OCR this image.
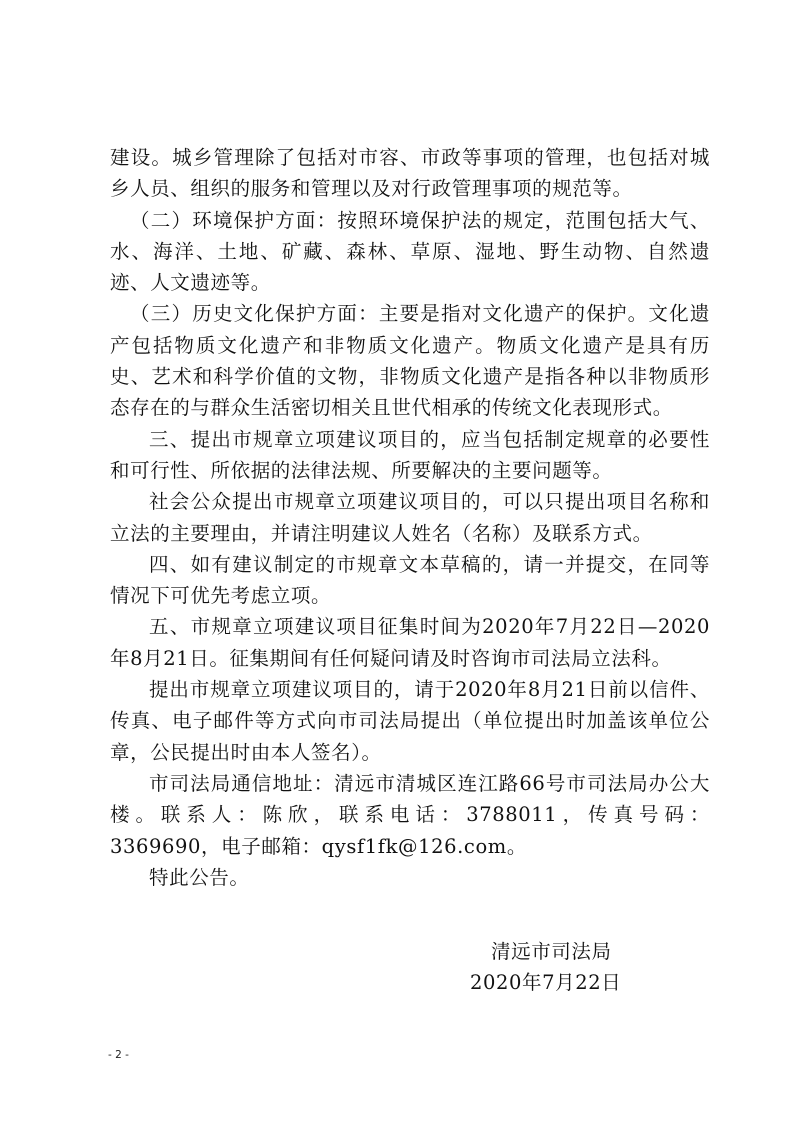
建设。城乡管理除了包括对市容、市政等事项的管理，也包括对城乡人员、组织的服务和管理以及对行政管理事项的规范等。

（二）环境保护方面：按照环境保护法的规定，范围包括大气、水、海洋、土地、矿藏、森林、草原、湿地、野生动物、自然遗迹、人文遗迹等。

（三）历史文化保护方面：主要是指对文化遗产的保护。文化遗产包括物质文化遗产和非物质文化遗产。物质文化遗产是具有历史、艺术和科学价值的文物，非物质文化遗产是指各种以非物质形态存在的与群众生活密切相关且世代相承的传统文化表现形式。

三、提出市规章立项建议项目的，应当包括制定规章的必要性和可行性、所依据的法律法规、所要解决的主要问题等。

社会公众提出市规章立项建议项目的，可以只提出项目名称和立法的主要理由，并请注明建议人姓名（名称）及联系方式。

四、如有建议制定的市规章文本草稿的，请一并提交，在同等情况下可优先考虑立项。

五、市规章立项建议项目征集时间为2020年7月22日—2020年8月21日。征集期间有任何疑问请及时咨询市司法局立法科。

提出市规章立项建议项目的，请于2020年8月21日前以信件、传真、电子邮件等方式向市司法局提出（单位提出时加盖该单位公章，公民提出时由本人签名）。

市司法局通信地址：清远市清城区连江路66号市司法局办公大楼。联系人：陈欣，联系电话：3788011，传真号码：3369690，电子邮箱：qysf1fk@126.com。

特此公告。

清远市司法局
2020年7月22日
- 2 -
